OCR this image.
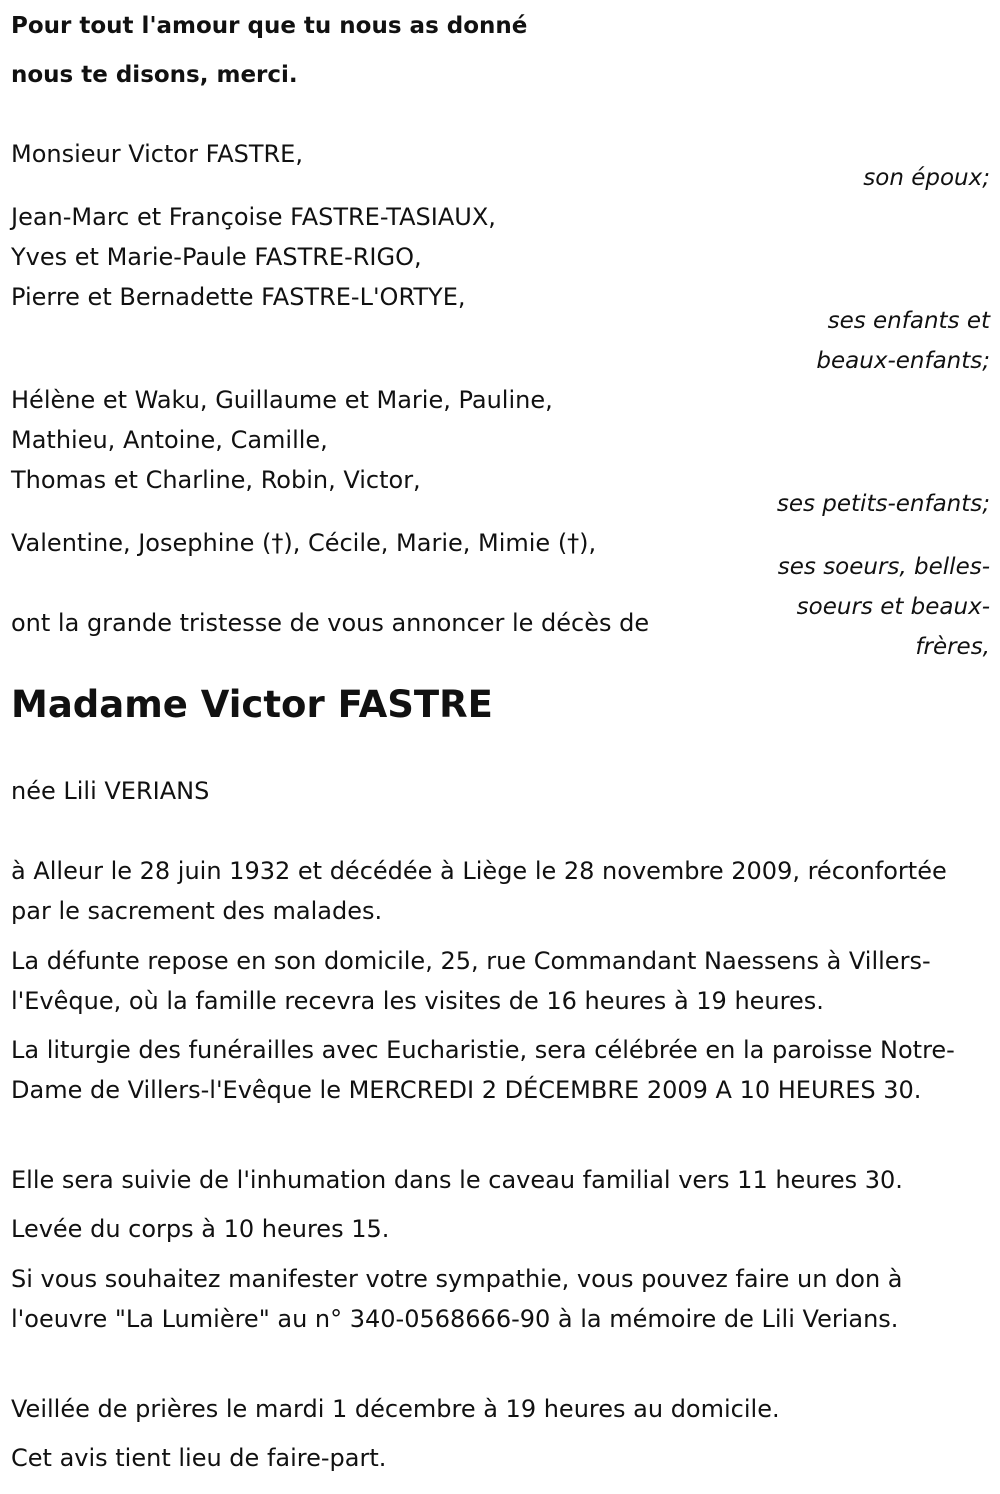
Pour tout l'amour que tu nous as donné
nous te disons, merci.
Monsieur Victor FASTRE,
son époux;
Jean-Marc et Françoise FASTRE-TASIAUX,
Yves et Marie-Paule FASTRE-RIGO,
Pierre et Bernadette FASTRE-L'ORTYE,
ses enfants et
beaux-enfants;
Hélène et Waku, Guillaume et Marie, Pauline,
Mathieu, Antoine, Camille,
Thomas et Charline, Robin, Victor,
ses petits-enfants;
Valentine, Josephine (†), Cécile, Marie, Mimie (†),
ses soeurs, belles-
soeurs et beaux-
frères,
ont la grande tristesse de vous annoncer le décès de
Madame Victor FASTRE
née Lili VERIANS
à Alleur le 28 juin 1932 et décédée à Liège le 28 novembre 2009, réconfortée par le sacrement des malades.
La défunte repose en son domicile, 25, rue Commandant Naessens à Villers-l'Evêque, où la famille recevra les visites de 16 heures à 19 heures.
La liturgie des funérailles avec Eucharistie, sera célébrée en la paroisse Notre-Dame de Villers-l'Evêque le MERCREDI 2 DÉCEMBRE 2009 A 10 HEURES 30.
Elle sera suivie de l'inhumation dans le caveau familial vers 11 heures 30.
Levée du corps à 10 heures 15.
Si vous souhaitez manifester votre sympathie, vous pouvez faire un don à l'oeuvre "La Lumière" au n° 340-0568666-90 à la mémoire de Lili Verians.
Veillée de prières le mardi 1 décembre à 19 heures au domicile.
Cet avis tient lieu de faire-part.
